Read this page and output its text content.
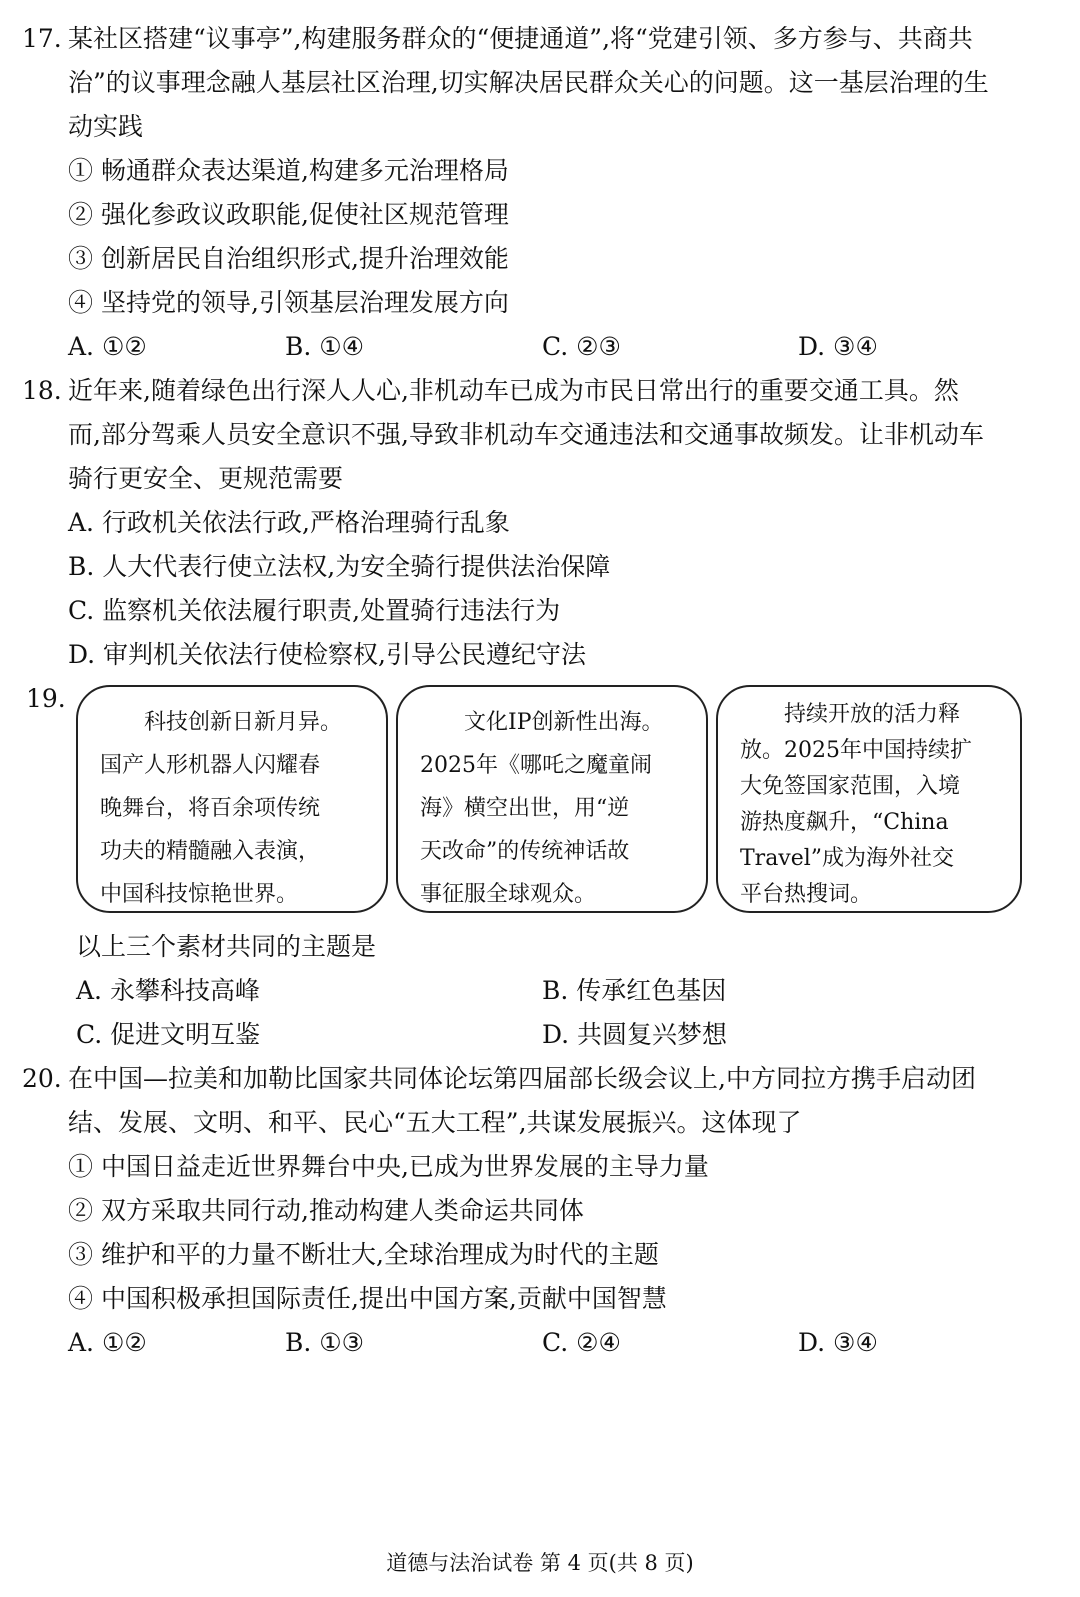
17. 某社区搭建“议事亭”,构建服务群众的“便捷通道”,将“党建引领、多方参与、共商共
治”的议事理念融人基层社区治理,切实解决居民群众关心的问题。这一基层治理的生
动实践
① 畅通群众表达渠道,构建多元治理格局
② 强化参政议政职能,促使社区规范管理
③ 创新居民自治组织形式,提升治理效能
④ 坚持党的领导,引领基层治理发展方向
A. ①②	B. ①④	C. ②③	D. ③④
18. 近年来,随着绿色出行深人人心,非机动车已成为市民日常出行的重要交通工具。然
而,部分驾乘人员安全意识不强,导致非机动车交通违法和交通事故频发。让非机动车
骑行更安全、更规范需要
A. 行政机关依法行政,严格治理骑行乱象
B. 人大代表行使立法权,为安全骑行提供法治保障
C. 监察机关依法履行职责,处置骑行违法行为
D. 审判机关依法行使检察权,引导公民遵纪守法
19.
科技创新日新月异。
国产人形机器人闪耀春
晚舞台，将百余项传统
功夫的精髓融入表演，
中国科技惊艳世界。
文化IP创新性出海。
2025年《哪吒之魔童闹
海》横空出世，用“逆
天改命”的传统神话故
事征服全球观众。
持续开放的活力释
放。2025年中国持续扩
大免签国家范围，入境
游热度飙升，“China
Travel”成为海外社交
平台热搜词。
以上三个素材共同的主题是
A. 永攀科技高峰	B. 传承红色基因
C. 促进文明互鉴	D. 共圆复兴梦想
20. 在中国—拉美和加勒比国家共同体论坛第四届部长级会议上,中方同拉方携手启动团
结、发展、文明、和平、民心“五大工程”,共谋发展振兴。这体现了
① 中国日益走近世界舞台中央,已成为世界发展的主导力量
② 双方采取共同行动,推动构建人类命运共同体
③ 维护和平的力量不断壮大,全球治理成为时代的主题
④ 中国积极承担国际责任,提出中国方案,贡献中国智慧
A. ①②	B. ①③	C. ②④	D. ③④
道德与法治试卷 第 4 页(共 8 页)
